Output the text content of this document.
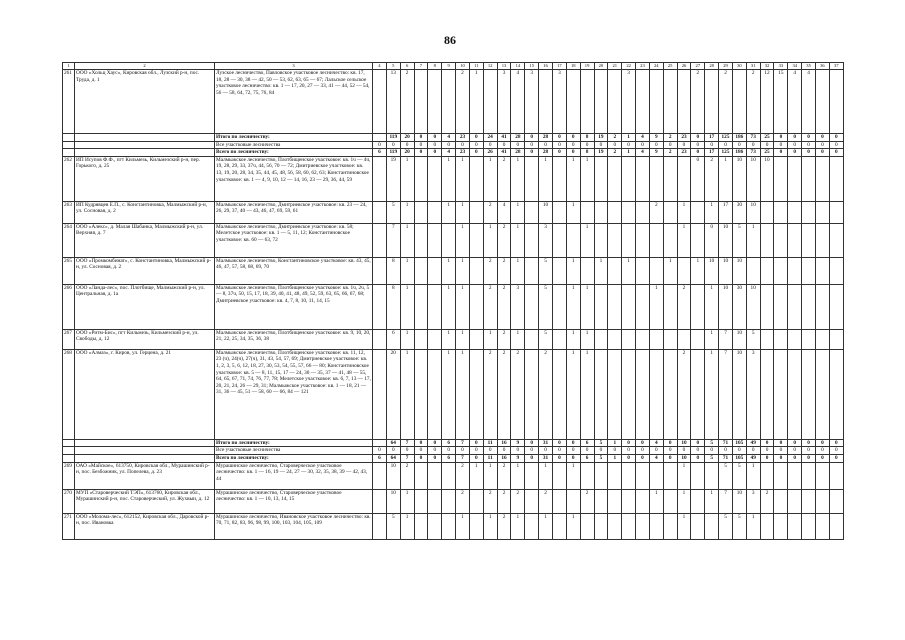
86
1	2	3	4	5	6	7	8	9	10	11	12	13	14	15	16	17	18	19	20	21	22	23	24	25	26	27	28	29	30	31	32	33	34	35	36	37
261	ООО «Хольц Хаус», Кировская обл., Лузский р-н, пос. Труда, д. 1	Лузское лесничество, Павловское участковое лесничество: кв. 17, 18, 28 — 30, 38 — 42, 50 — 53, 62, 63, 65 — 67; Лальское сельское участковое лесничество: кв. 1 — 17, 20, 27 — 33, 41 — 44, 52 — 54, 56 — 58, 64, 72, 75, 76, 84		13	2				2	1		3	4	3		3					3					2		2		2	12	15	4	4		
		Итого по лесничеству:		119	20	0	0	4	23	0	24	41	28	0	28	0	0	8	19	2	1	4	9	2	23	0	17	125	186	73	25	0	0	0	0	0
		Все участковые лесничества	0	0	0	0	0	0	0	0	0	0	0	0	0	0	0	0	0	0	0	0	0	0	0	0	0	0	0	0	0	0	0	0	0	0
		Всего по лесничеству:	6	119	20	0	0	4	23	0	26	41	28	0	28	0	0	8	19	2	1	4	9	2	23	0	17	125	186	73	25	0	0	0	0	0
262	ИП Исупов Ф.Ф., пгт Кильмезь, Кильмезский р-н, пер. Горького, д. 25	Малмыжское лесничество, Плотбищенское участковое: кв. 1ч — 4ч, 19, 28, 29, 33, 37ч, 44, 56, 70 — 72; Дмитриевское участковое: кв. 13, 19, 20, 28, 34, 35, 44, 45, 48, 56, 58, 60, 62, 63; Константиновское участковое: кв. 1 — 4, 9, 10, 12 — 14, 16, 23 — 29, 36, 44, 59		19	1			1	1		1	2	1		1		1	1								0	2	1	10	10	10					
263	ИП Кудрявцев Е.П., с. Константиновка, Малмыжский р-н, ул. Сосновая, д. 2	Малмыжское лесничество, Дмитриевское участковое: кв. 23 — 24, 26, 29, 37, 40 — 43, 46, 47, 69, 59, 61		5	1			1	1		2	4	1		10		1						2		1		1	17	30	10						
264	ООО «Алекс», д. Малая Шабанка, Малмыжский р-н, ул. Верхняя, д. 7	Малмыжское лесничество, Дмитриевское участковое: кв. 58; Мелетское участковое: кв. 1 — 5, 11, 12; Константиновское участковое: кв. 60 — 63, 72		7	1				1		1	2	1		3			1							1		0	10	5	1						
265	ООО «Промкомбинат», с. Константиновка, Малмыжский р-н, ул. Сосновая, д. 2	Малмыжское лесничество, Константиновское участковое: кв. 43, 45, 46, 47, 57, 58, 68, 69, 70		8	1			1	1		2	2	1		5		1		1		1			1		1	10	10	10							
266	ООО «Ланда-лес», пос. Плотбище, Малмыжский р-н, ул. Центральная, д. 1а	Малмыжское лесничество, Плотбищенское участковое: кв. 1ч, 2ч, 5 — 8, 37ч, 50, 15, 17, 18, 39, 40, 41, 48, 49, 52, 59, 63, 65, 66, 67, 68; Дмитриевское участковое: кв. 4, 7, 8, 10, 11, 14, 15		8	1			1	1		2	2	3		5		1	1					1		2		1	10	30	10						
267	ООО «Ритм-Бис», пгт Кильмезь, Кильмезский р-н, ул. Свободы, д. 12	Малмыжское лесничество, Плотбищенское участковое: кв. 9, 10, 20, 21, 22, 25, 34, 35, 36, 38		6	1			1	1		1	2	1		5		1	1									1	7	10	5						
268	ООО «Алмаз», г. Киров, ул. Герцена, д. 21	Малмыжское лесничество, Плотбищенское участковое: кв. 11, 12, 23 (ч), 24(ч), 27(ч), 31, 43, 54, 57, 69; Дмитриевское участковое: кв. 1, 2, 3, 5, 6, 12, 18, 27, 30, 53, 54, 55, 57, 66 — 80; Константиновское участковое: кв. 5 — 8, 11, 15, 17 — 24, 30 — 35, 37 — 41, 48 — 55, 64, 65, 67, 71, 74, 76, 77, 78; Мелетское участковое: кв. 6, 7, 13 — 17, 20, 21, 24, 26 — 29, 31; Малмыжское участковое: кв. 1 — 18, 21 — 31, 36 — 45, 51 — 58, 60 — 66, 84 — 121		20	1			1	1		2	2	2		2		1	1							2		1	7	10	3						
		Итого по лесничеству:		64	7	0	0	6	7	0	11	16	9	0	31	0	0	6	5	1	0	0	4	0	10	0	5	71	105	49	0	0	0	0	0	0
		Все участковые лесничества	0	0	0	0	0	0	0	0	0	0	0	0	0	0	0	0	0	0	0	0	0	0	0	0	0	0	0	0	0	0	0	0	0	0
		Всего по лесничеству:	6	64	7	0	0	6	7	0	11	16	9	0	31	0	0	6	5	1	0	0	4	0	10	0	5	71	105	49	0	0	0	0	0	0
269	ОАО «Майское», 613750, Кировская обл., Мурашинский р-н, пос. Безбожник, ул. Попелева, д. 23	Мурашинское лесничество, Староверческое участковое лесничество: кв. 1 — 16, 19 — 24, 27 — 30, 32, 35, 38, 39 — 42, 43, 44		10	2				2	1	1	2	1		1		1								1			5	5	1						
270	МУП «Староверческий ТЭП», 613760, Кировская обл., Мурашинский р-н, пос. Староверческий, ул. Жухвыи, д. 12	Мурашинское лесничество, Староверческое участковое лесничество: кв. 1 — 10, 13, 14, 15		10	1				2		2	2	2		2			2					1		1		1	7	10	3	2					
271	ООО «Молома-лес», 612152, Кировская обл., Даровской р-н, пос. Ивановка	Мурашинское лесничество, Ивановское участковое лесничество: кв. 70, 71, 82, 83, 96, 98, 99, 100, 103, 104, 105, 109		5	1				1		1	2	1		1		1								1			5	5	1						
